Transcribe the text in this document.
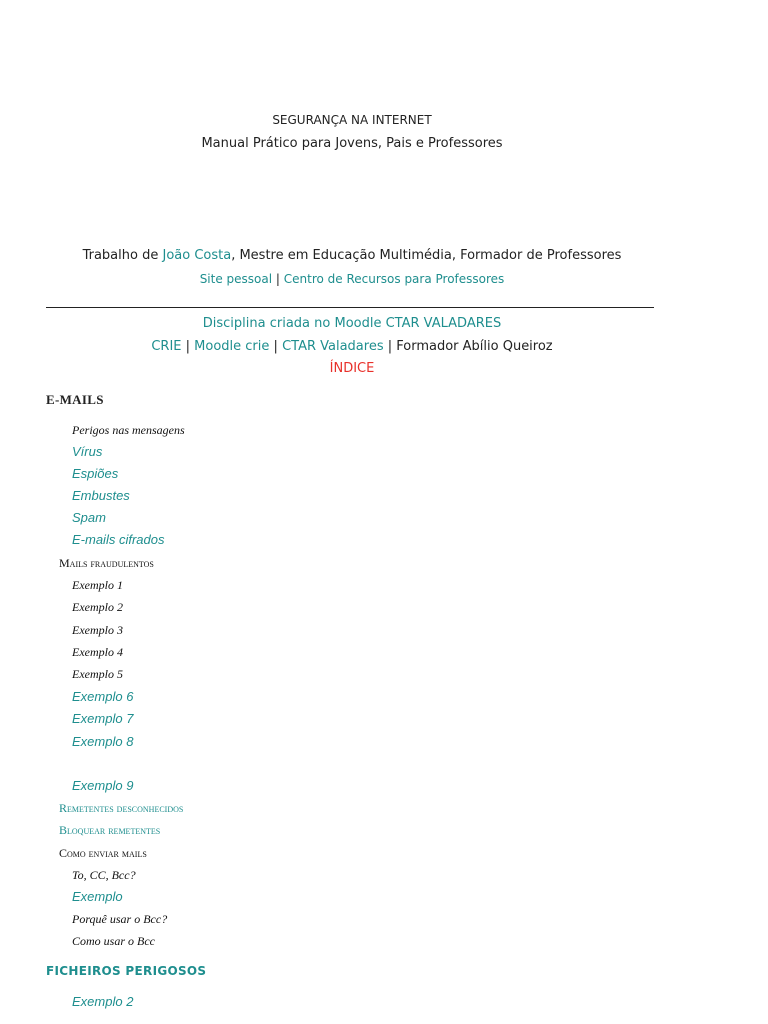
SEGURANÇA NA INTERNET
Manual Prático para Jovens, Pais e Professores
Trabalho de João Costa, Mestre em Educação Multimédia, Formador de Professores
Site pessoal | Centro de Recursos para Professores
Disciplina criada no Moodle CTAR VALADARES
CRIE | Moodle crie | CTAR Valadares | Formador Abílio Queiroz
ÍNDICE
E-MAILS
Perigos nas mensagens
Vírus
Espiões
Embustes
Spam
E-mails cifrados
Mails fraudulentos
Exemplo 1
Exemplo 2
Exemplo 3
Exemplo 4
Exemplo 5
Exemplo 6
Exemplo 7
Exemplo 8
Exemplo 9
Remetentes desconhecidos
Bloquear remetentes
Como enviar mails
To, CC, Bcc?
Exemplo
Porquê usar o Bcc?
Como usar o Bcc
FICHEIROS PERIGOSOS
Exemplo 2
